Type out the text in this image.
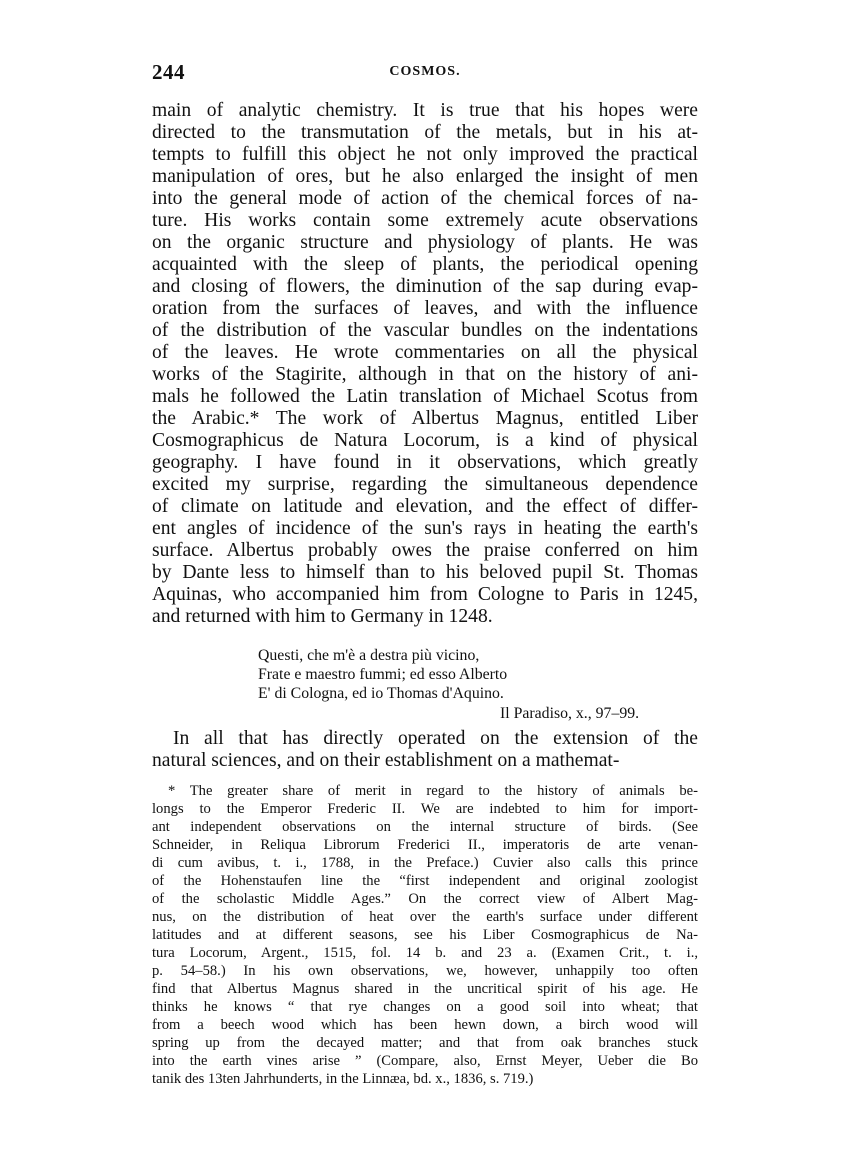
244	COSMOS.
main of analytic chemistry. It is true that his hopes were
directed to the transmutation of the metals, but in his at-
tempts to fulfill this object he not only improved the practical
manipulation of ores, but he also enlarged the insight of men
into the general mode of action of the chemical forces of na-
ture. His works contain some extremely acute observations
on the organic structure and physiology of plants. He was
acquainted with the sleep of plants, the periodical opening
and closing of flowers, the diminution of the sap during evap-
oration from the surfaces of leaves, and with the influence
of the distribution of the vascular bundles on the indentations
of the leaves. He wrote commentaries on all the physical
works of the Stagirite, although in that on the history of ani-
mals he followed the Latin translation of Michael Scotus from
the Arabic.* The work of Albertus Magnus, entitled Liber
Cosmographicus de Natura Locorum, is a kind of physical
geography. I have found in it observations, which greatly
excited my surprise, regarding the simultaneous dependence
of climate on latitude and elevation, and the effect of differ-
ent angles of incidence of the sun's rays in heating the earth's
surface. Albertus probably owes the praise conferred on him
by Dante less to himself than to his beloved pupil St. Thomas
Aquinas, who accompanied him from Cologne to Paris in 1245,
and returned with him to Germany in 1248.
Questi, che m'è a destra più vicino,
Frate e maestro fummi; ed esso Alberto
E' di Cologna, ed io Thomas d'Aquino.
Il Paradiso, x., 97–99.
In all that has directly operated on the extension of the
natural sciences, and on their establishment on a mathemat-
* The greater share of merit in regard to the history of animals be-
longs to the Emperor Frederic II. We are indebted to him for import-
ant independent observations on the internal structure of birds. (See
Schneider, in Reliqua Librorum Frederici II., imperatoris de arte venan-
di cum avibus, t. i., 1788, in the Preface.) Cuvier also calls this prince
of the Hohenstaufen line the “first independent and original zoologist
of the scholastic Middle Ages.” On the correct view of Albert Mag-
nus, on the distribution of heat over the earth's surface under different
latitudes and at different seasons, see his Liber Cosmographicus de Na-
tura Locorum, Argent., 1515, fol. 14 b. and 23 a. (Examen Crit., t. i.,
p. 54–58.) In his own observations, we, however, unhappily too often
find that Albertus Magnus shared in the uncritical spirit of his age. He
thinks he knows “ that rye changes on a good soil into wheat; that
from a beech wood which has been hewn down, a birch wood will
spring up from the decayed matter; and that from oak branches stuck
into the earth vines arise ” (Compare, also, Ernst Meyer, Ueber die Bo
tanik des 13ten Jahrhunderts, in the Linnæa, bd. x., 1836, s. 719.)
